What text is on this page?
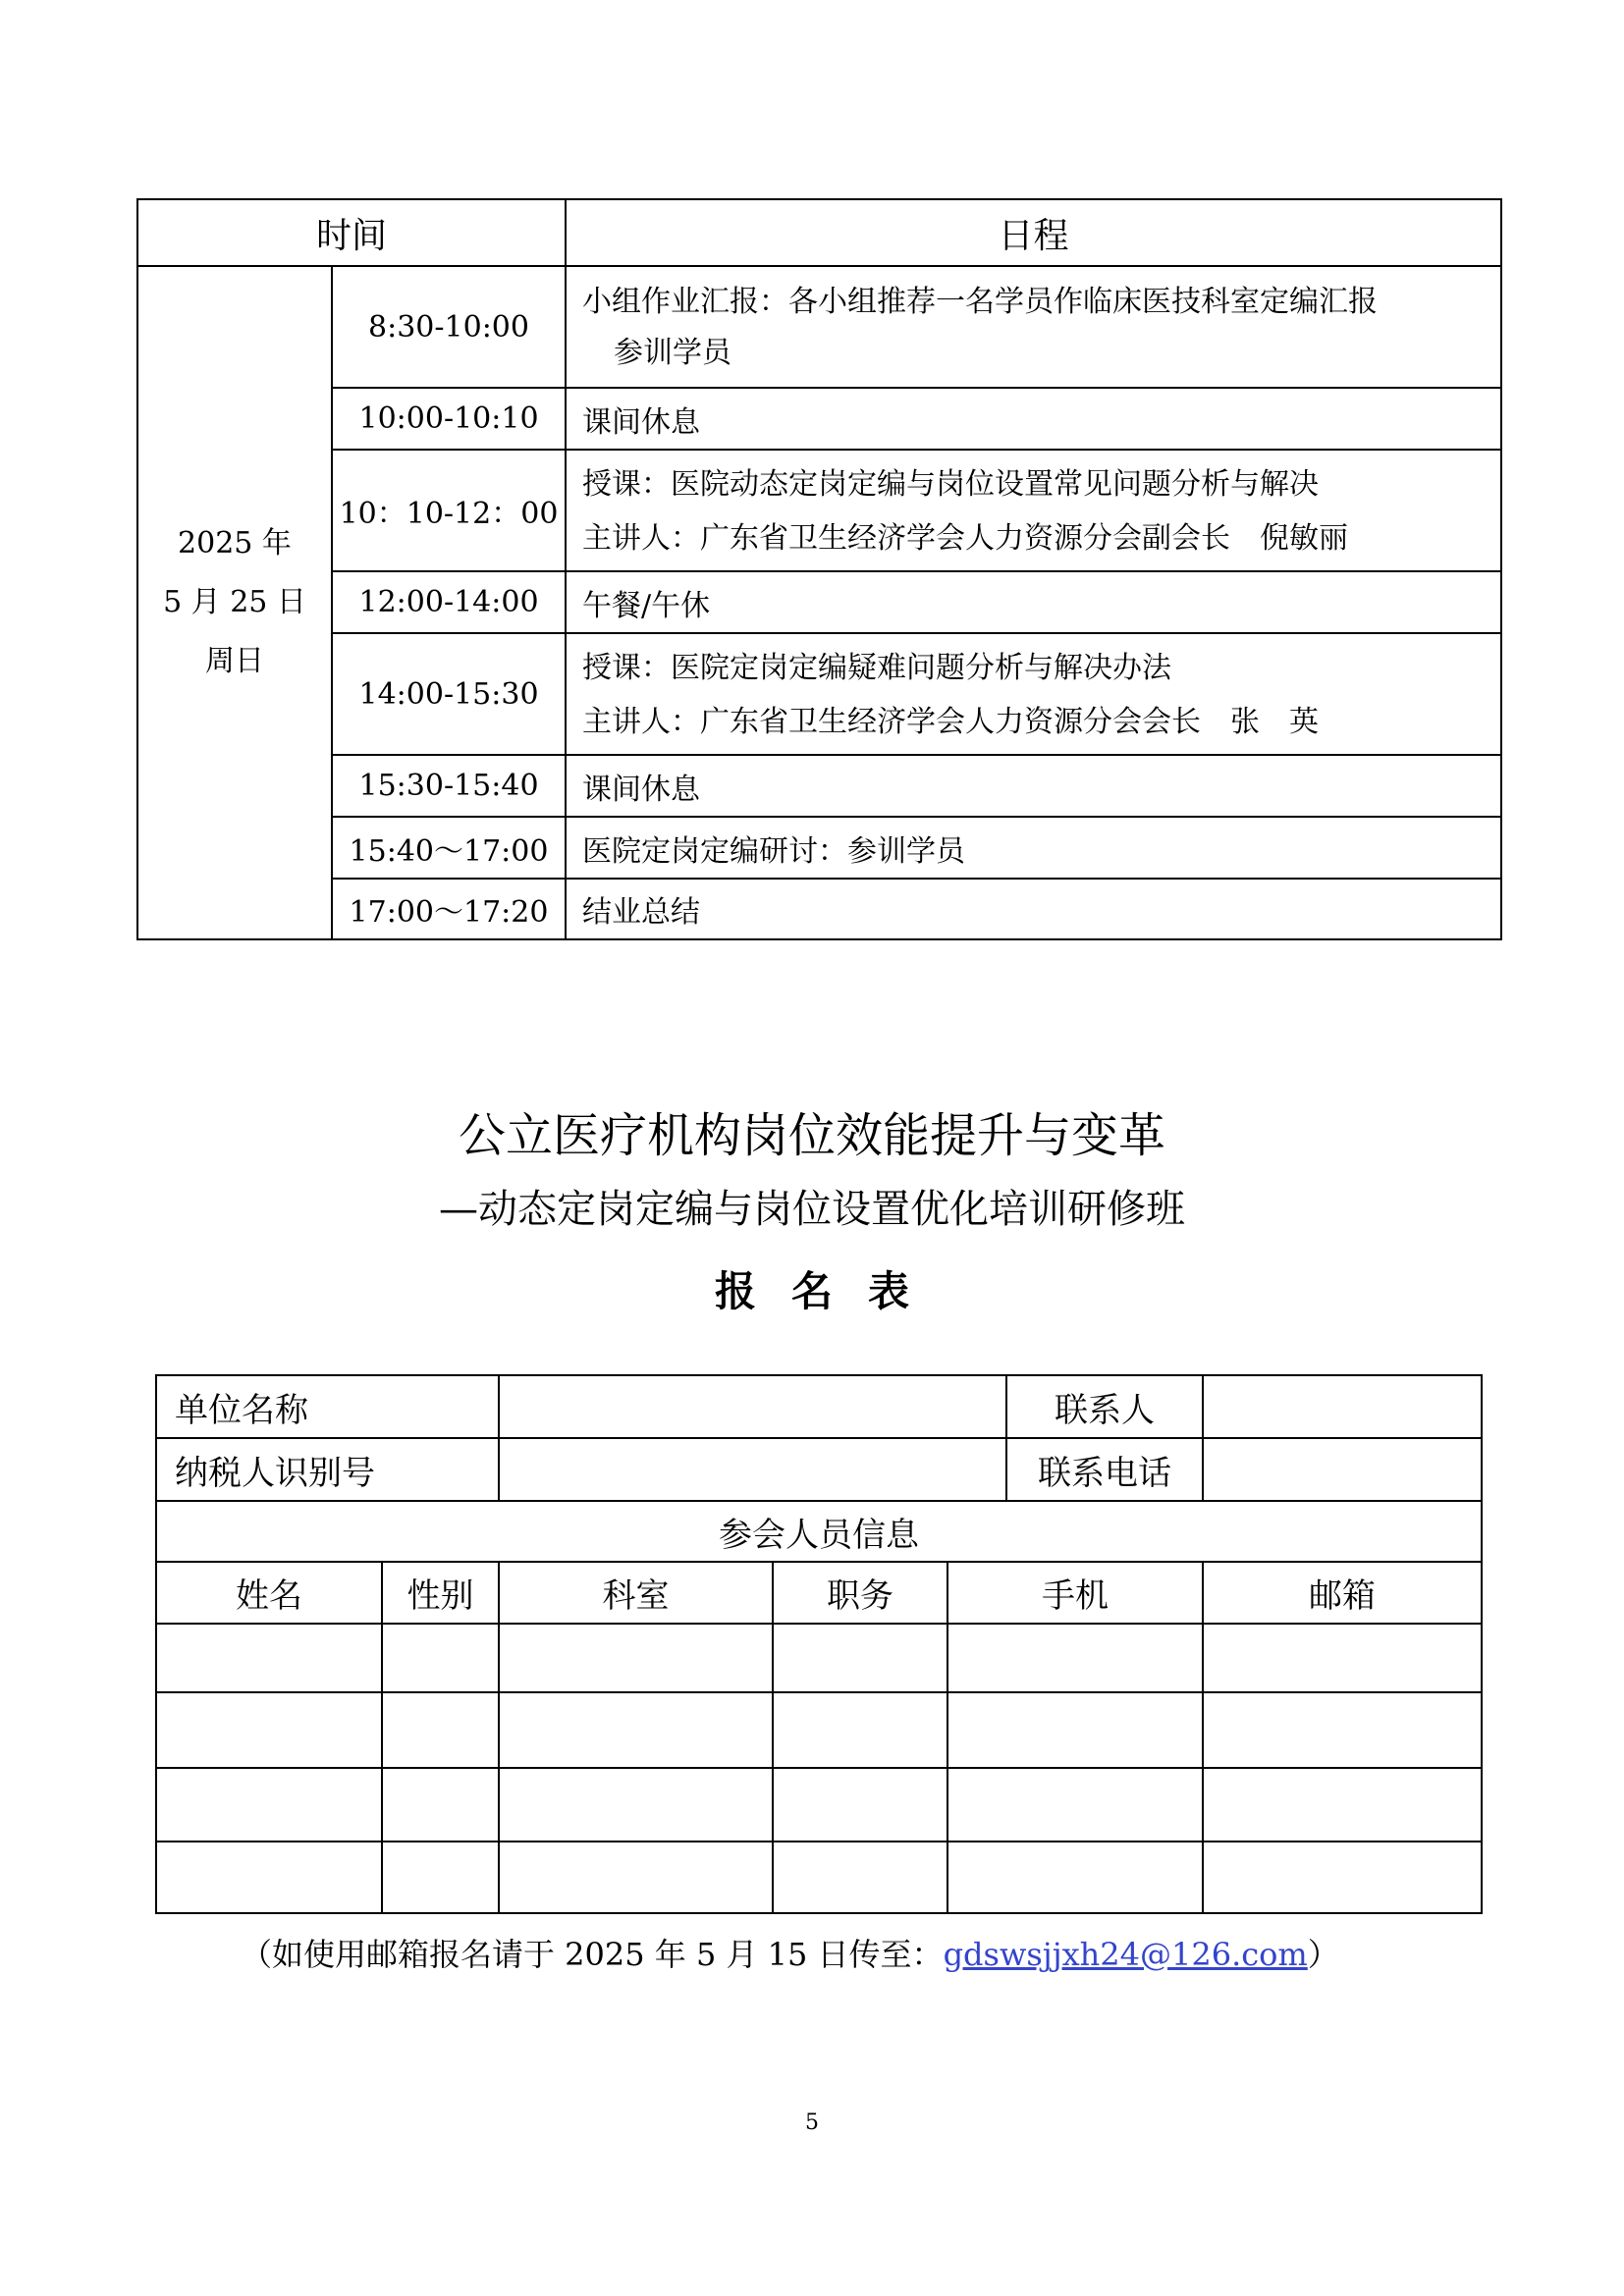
时间		日程

2025 年
5 月 25 日
周日	8:30-10:00	小组作业汇报：各小组推荐一名学员作临床医技科室定编汇报
参训学员

	10:00-10:10	课间休息
	10：10-12：00	授课：医院动态定岗定编与岗位设置常见问题分析与解决
主讲人：广东省卫生经济学会人力资源分会副会长　倪敏丽

	12:00-14:00	午餐/午休
	14:00-15:30	授课：医院定岗定编疑难问题分析与解决办法
主讲人：广东省卫生经济学会人力资源分会会长　张　英

	15:30-15:40	课间休息
	15:40～17:00	医院定岗定编研讨：参训学员
	17:00～17:20	结业总结
公立医疗机构岗位效能提升与变革
—动态定岗定编与岗位设置优化培训研修班
报名表
单位名称		联系人			

纳税人识别号		联系电话			

参会人员信息					
姓名	性别	科室	职务	手机	邮箱

（如使用邮箱报名请于 2025 年 5 月 15 日传至：gdswsjjxh24@126.com）
5
